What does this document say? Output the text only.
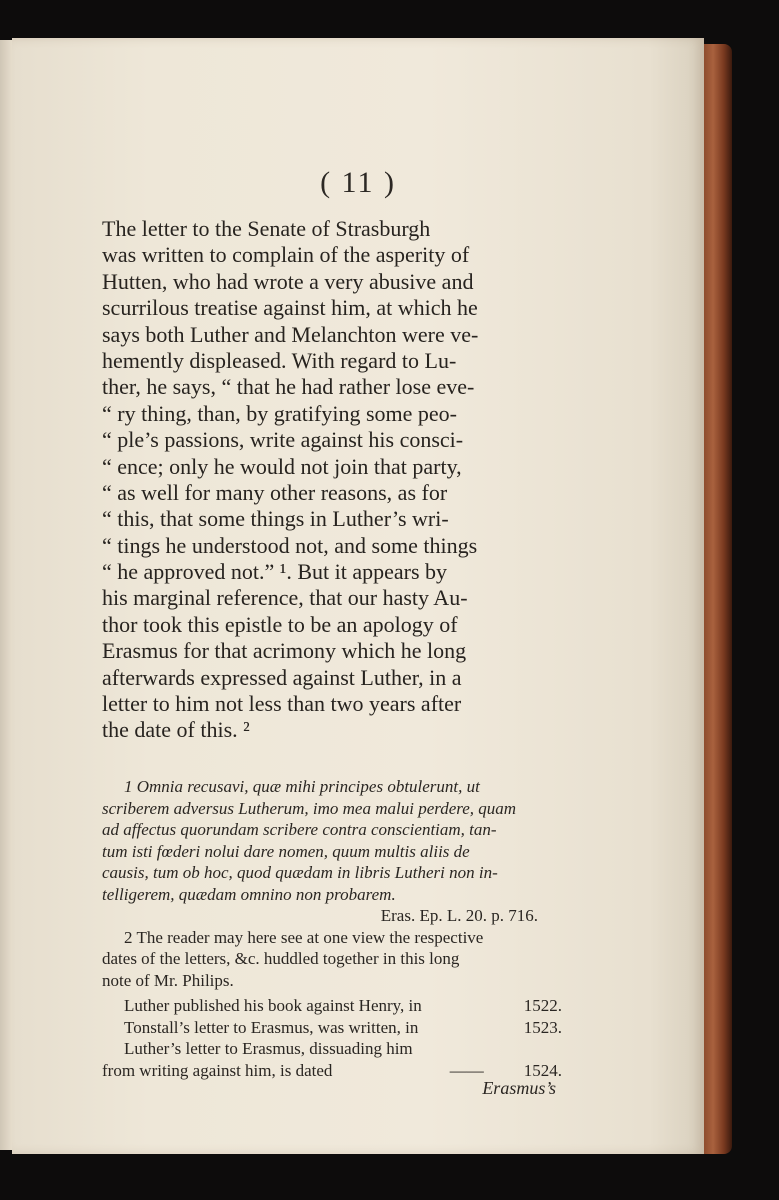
( 11 )
The letter to the Senate of Strasburgh
was written to complain of the asperity of
Hutten, who had wrote a very abusive and
scurrilous treatise against him, at which he
says both Luther and Melanchton were ve-
hemently displeased. With regard to Lu-
ther, he says, “ that he had rather lose eve-
“ ry thing, than, by gratifying some peo-
“ ple’s passions, write against his consci-
“ ence; only he would not join that party,
“ as well for many other reasons, as for
“ this, that some things in Luther’s wri-
“ tings he understood not, and some things
“ he approved not.” ¹. But it appears by
his marginal reference, that our hasty Au-
thor took this epistle to be an apology of
Erasmus for that acrimony which he long
afterwards expressed against Luther, in a
letter to him not less than two years after
the date of this. ²
1 Omnia recusavi, quæ mihi principes obtulerunt, ut
scriberem adversus Lutherum, imo mea malui perdere, quam
ad affectus quorundam scribere contra conscientiam, tan-
tum isti fœderi nolui dare nomen, quum multis aliis de
causis, tum ob hoc, quod quædam in libris Lutheri non in-
telligerem, quædam omnino non probarem.
Eras. Ep. L. 20. p. 716.
2 The reader may here see at one view the respective
dates of the letters, &c. huddled together in this long
note of Mr. Philips.
Luther published his book against Henry, in	1522.
Tonstall’s letter to Erasmus, was written, in	1523.
Luther’s letter to Erasmus, dissuading him
from writing against him, is dated	—— 1524.
Erasmus’s
